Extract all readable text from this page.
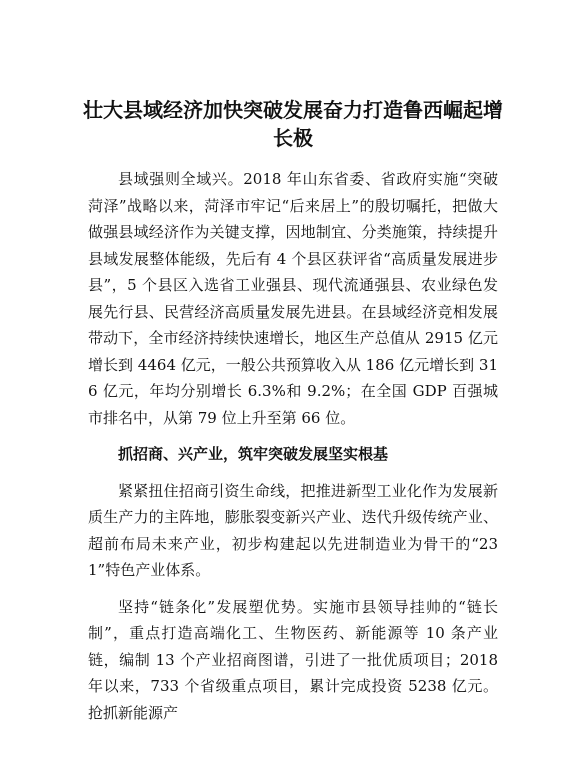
壮大县域经济加快突破发展奋力打造鲁西崛起增长极

县域强则全域兴。2018 年山东省委、省政府实施“突破菏泽”战略以来，菏泽市牢记“后来居上”的殷切嘱托，把做大做强县域经济作为关键支撑，因地制宜、分类施策，持续提升县域发展整体能级，先后有 4 个县区获评省“高质量发展进步县”，5 个县区入选省工业强县、现代流通强县、农业绿色发展先行县、民营经济高质量发展先进县。在县域经济竞相发展带动下，全市经济持续快速增长，地区生产总值从 2915 亿元增长到 4464 亿元，一般公共预算收入从 186 亿元增长到 316 亿元，年均分别增长 6.3%和 9.2%；在全国 GDP 百强城市排名中，从第 79 位上升至第 66 位。

抓招商、兴产业，筑牢突破发展坚实根基

紧紧扭住招商引资生命线，把推进新型工业化作为发展新质生产力的主阵地，膨胀裂变新兴产业、迭代升级传统产业、超前布局未来产业，初步构建起以先进制造业为骨干的“231”特色产业体系。

坚持“链条化”发展塑优势。实施市县领导挂帅的“链长制”，重点打造高端化工、生物医药、新能源等 10 条产业链，编制 13 个产业招商图谱，引进了一批优质项目；2018 年以来，733 个省级重点项目，累计完成投资 5238 亿元。抢抓新能源产
